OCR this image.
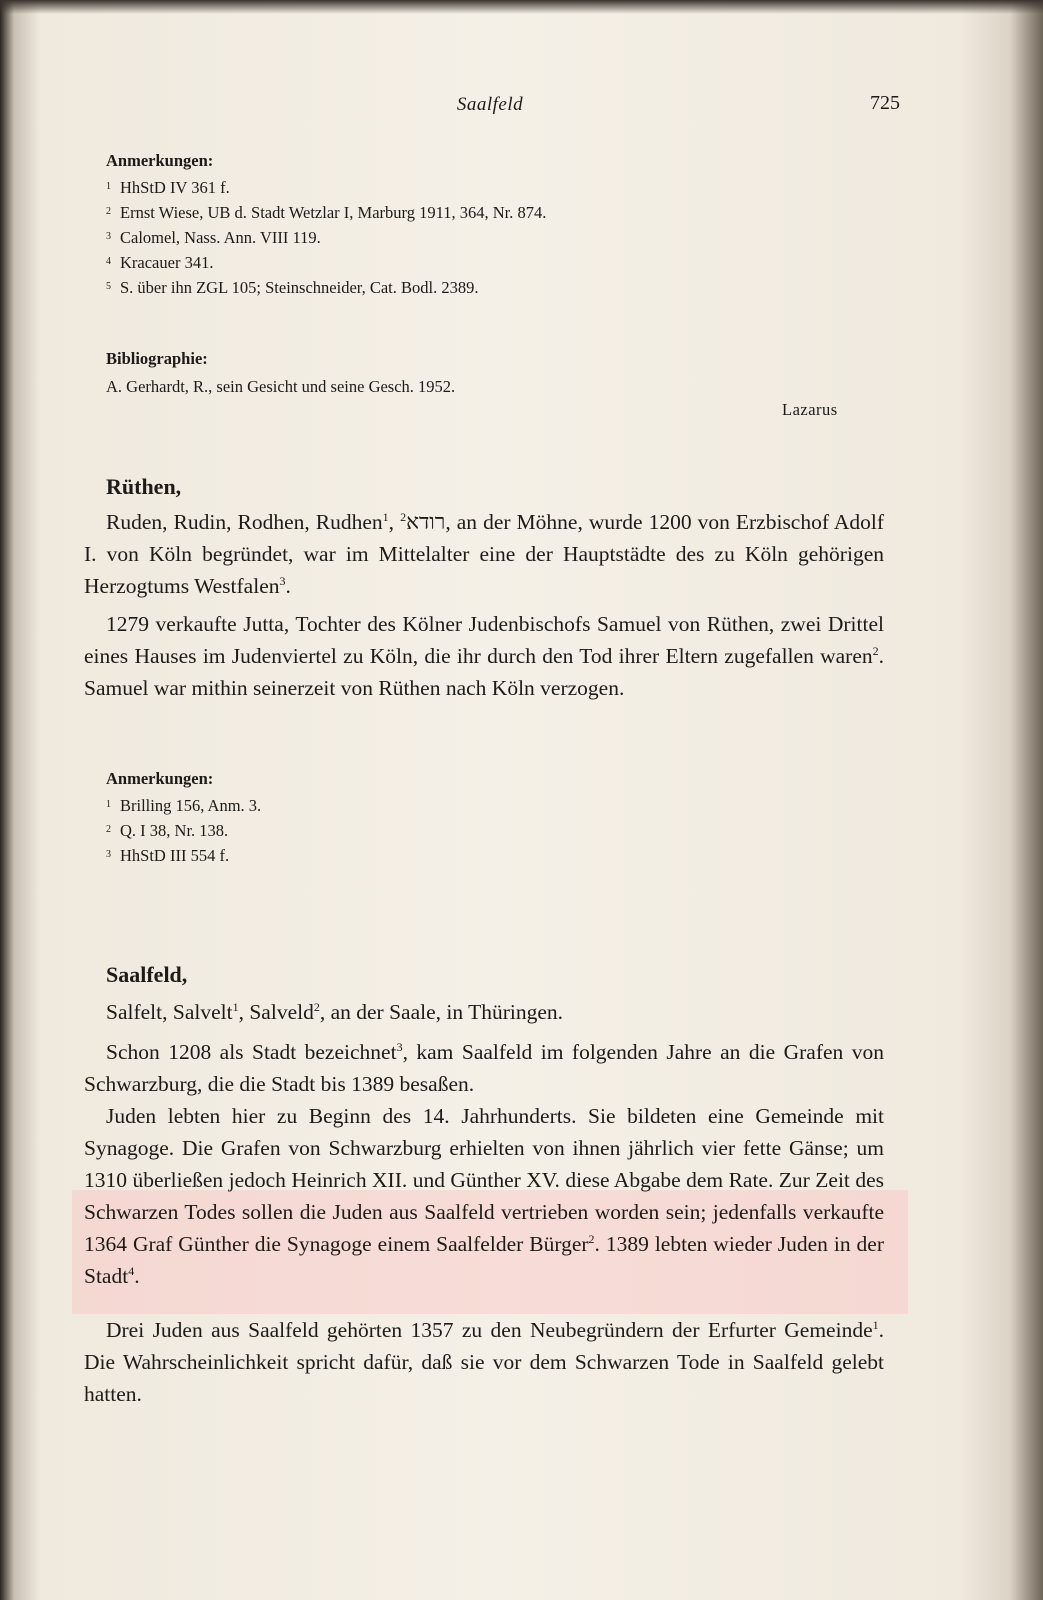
Saalfeld	725
Anmerkungen:
1 HhStD IV 361 f.
2 Ernst Wiese, UB d. Stadt Wetzlar I, Marburg 1911, 364, Nr. 874.
3 Calomel, Nass. Ann. VIII 119.
4 Kracauer 341.
5 S. über ihn ZGL 105; Steinschneider, Cat. Bodl. 2389.
Bibliographie:
A. Gerhardt, R., sein Gesicht und seine Gesch. 1952.
Lazarus
Rüthen,
Ruden, Rudin, Rodhen, Rudhen$^1$, רודא$^2$ , an der Möhne, wurde 1200 von Erzbischof Adolf I. von Köln begründet, war im Mittelalter eine der Hauptstädte des zu Köln gehörigen Herzogtums Westfalen$^3$.
1279 verkaufte Jutta, Tochter des Kölner Judenbischofs Samuel von Rüthen, zwei Drittel eines Hauses im Judenviertel zu Köln, die ihr durch den Tod ihrer Eltern zugefallen waren$^2$. Samuel war mithin seinerzeit von Rüthen nach Köln verzogen.
Anmerkungen:
1 Brilling 156, Anm. 3.
2 Q. I 38, Nr. 138.
3 HhStD III 554 f.
Saalfeld,
Salfelt, Salvelt$^1$, Salveld$^2$, an der Saale, in Thüringen.
Schon 1208 als Stadt bezeichnet$^3$, kam Saalfeld im folgenden Jahre an die Grafen von Schwarzburg, die die Stadt bis 1389 besaßen.
Juden lebten hier zu Beginn des 14. Jahrhunderts. Sie bildeten eine Gemeinde mit Synagoge. Die Grafen von Schwarzburg erhielten von ihnen jährlich vier fette Gänse; um 1310 überließen jedoch Heinrich XII. und Günther XV. diese Abgabe dem Rate. Zur Zeit des Schwarzen Todes sollen die Juden aus Saalfeld vertrieben worden sein; jedenfalls verkaufte 1364 Graf Günther die Synagoge einem Saalfelder Bürger$^2$. 1389 lebten wieder Juden in der Stadt$^4$.
Drei Juden aus Saalfeld gehörten 1357 zu den Neubegründern der Erfurter Gemeinde$^1$. Die Wahrscheinlichkeit spricht dafür, daß sie vor dem Schwarzen Tode in Saalfeld gelebt hatten.
